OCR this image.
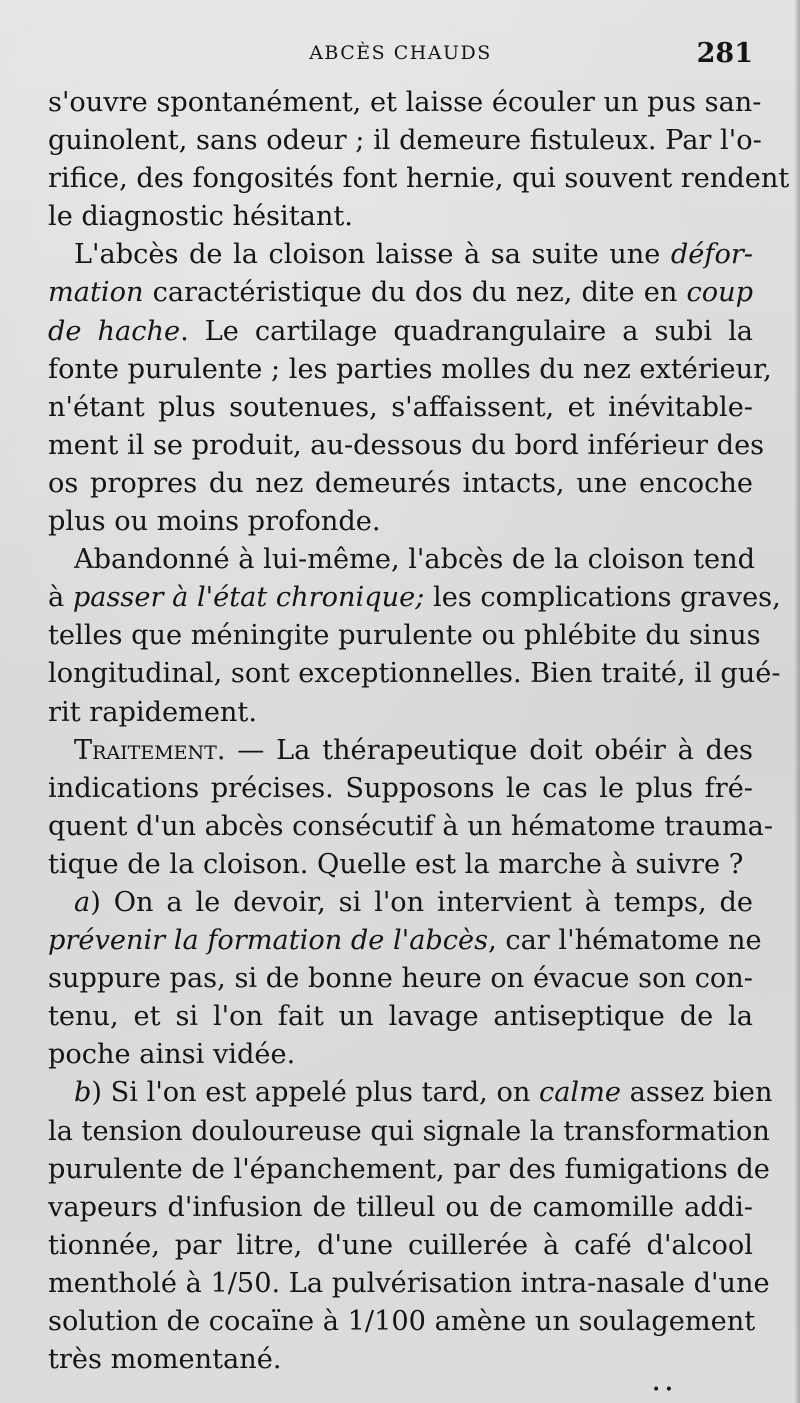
ABCÈS CHAUDS	281

s'ouvre spontanément, et laisse écouler un pus san-
guinolent, sans odeur ; il demeure fistuleux. Par l'o-
rifice, des fongosités font hernie, qui souvent rendent
le diagnostic hésitant.

L'abcès de la cloison laisse à sa suite une défor-
mation caractéristique du dos du nez, dite en coup
de hache. Le cartilage quadrangulaire a subi la
fonte purulente ; les parties molles du nez extérieur,
n'étant plus soutenues, s'affaissent, et inévitable-
ment il se produit, au-dessous du bord inférieur des
os propres du nez demeurés intacts, une encoche
plus ou moins profonde.

Abandonné à lui-même, l'abcès de la cloison tend
à passer à l'état chronique; les complications graves,
telles que méningite purulente ou phlébite du sinus
longitudinal, sont exceptionnelles. Bien traité, il gué-
rit rapidement.

Traitement. — La thérapeutique doit obéir à des
indications précises. Supposons le cas le plus fré-
quent d'un abcès consécutif à un hématome trauma-
tique de la cloison. Quelle est la marche à suivre ?

a) On a le devoir, si l'on intervient à temps, de
prévenir la formation de l'abcès, car l'hématome ne
suppure pas, si de bonne heure on évacue son con-
tenu, et si l'on fait un lavage antiseptique de la
poche ainsi vidée.

b) Si l'on est appelé plus tard, on calme assez bien
la tension douloureuse qui signale la transformation
purulente de l'épanchement, par des fumigations de
vapeurs d'infusion de tilleul ou de camomille addi-
tionnée, par litre, d'une cuillerée à café d'alcool
mentholé à 1/50. La pulvérisation intra-nasale d'une
solution de cocaïne à 1/100 amène un soulagement
très momentané.

• •
